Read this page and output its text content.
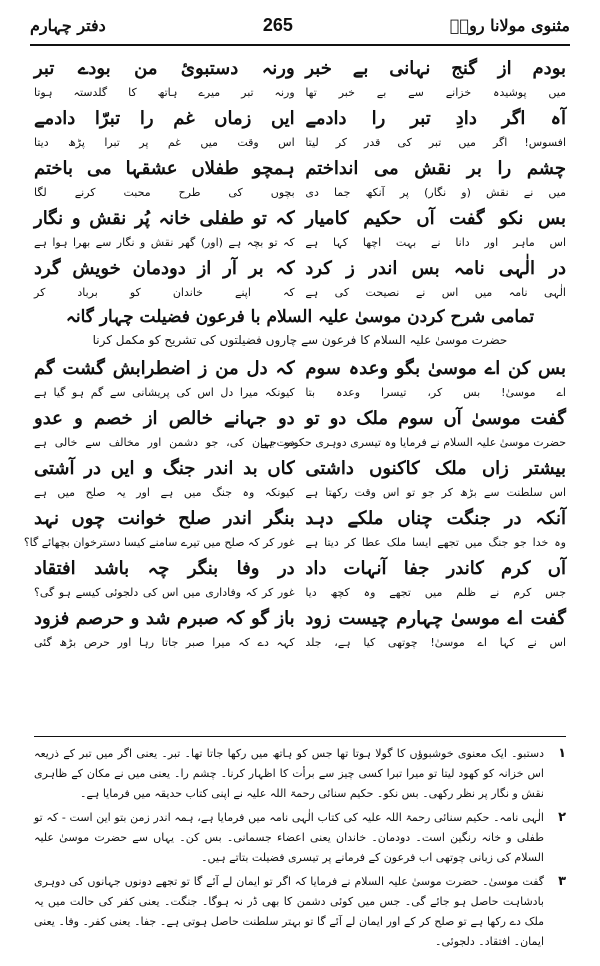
مثنوی مولانا رومؒ
265
دفتر چہارم
بودم از گنج نہانی بے خبر
ورنہ دستبوئ من بودے تبر
میں پوشیدہ خزانے سے بے خبر تھا
ورنہ تبر میرے ہاتھ کا گلدستہ ہوتا
آہ اگر دادِ تبر را دادمے
ایں زماں غم را تبرّا دادمے
افسوس! اگر میں تبر کی قدر کر لیتا
اس وقت میں غم پر تبرا پڑھ دیتا
چشم را بر نقش می انداختم
ہمچو طفلاں عشقہا می باختم
میں نے نقش (و نگار) پر آنکھ جما دی
بچوں کی طرح محبت کرنے لگا
بس نکو گفت آں حکیم کامیار
کہ تو طفلی خانہ پُر نقش و نگار
اس ماہر اور دانا نے بہت اچھا کہا ہے
کہ تو بچہ ہے (اور) گھر نقش و نگار سے بھرا ہوا ہے
در الٰہی نامہ بس اندر ز کرد
کہ بر آر از دودمان خویش گرد
الٰہی نامہ میں اس نے نصیحت کی ہے
کہ اپنے خاندان کو برباد کر
تمامی شرح کردن موسیٰ علیہ السلام با فرعون فضیلت چہار گانہ
حضرت موسیٰ علیہ السلام کا فرعون سے چاروں فضیلتوں کی تشریح کو مکمل کرنا
بس کن اے موسیٰ بگو وعدہ سوم
کہ دل من ز اضطرابش گشت گم
اے موسیٰ! بس کر، تیسرا وعدہ بتا
کیونکہ میرا دل اس کی پریشانی سے گم ہو گیا ہے
گفت موسیٰ آں سوم ملک دو تو
دو جہانے خالص از خصم و عدو
حضرت موسیٰ علیہ السلام نے فرمایا وہ تیسری دوہری حکومت ہے
دو جہان کی، جو دشمن اور مخالف سے خالی ہے
بیشتر زاں ملک کاکنوں داشتی
کاں بد اندر جنگ و ایں در آشتی
اس سلطنت سے بڑھ کر جو تو اس وقت رکھتا ہے
کیونکہ وہ جنگ میں ہے اور یہ صلح میں ہے
آنکہ در جنگت چناں ملکے دہد
بنگر اندر صلح خوانت چوں نہد
وہ خدا جو جنگ میں تجھے ایسا ملک عطا کر دیتا ہے
غور کر کہ صلح میں تیرے سامنے کیسا دسترخوان بچھائے گا؟
آں کرم کاندر جفا آنہات داد
در وفا بنگر چہ باشد افتقاد
جس کرم نے ظلم میں تجھے وہ کچھ دیا
غور کر کہ وفاداری میں اس کی دلجوئی کیسے ہو گی؟
گفت اے موسیٰ چہارم چیست زود
باز گو کہ صبرم شد و حرصم فزود
اس نے کہا اے موسیٰ! چوتھی کیا ہے، جلد
کہہ دے کہ میرا صبر جاتا رہا اور حرص بڑھ گئی
۱
دستبو۔ ایک معنوی خوشبوؤں کا گولا ہوتا تھا جس کو ہاتھ میں رکھا جاتا تھا۔ تبر۔ یعنی اگر میں تبر کے ذریعہ اس خزانہ کو کھود لیتا تو میرا تبرا کسی چیز سے برأت کا اظہار کرنا۔ چشم را۔ یعنی میں نے مکان کے ظاہری نقش و نگار پر نظر رکھی۔ بس نکو۔ حکیم سنائی رحمۃ اللہ علیہ نے اپنی کتاب حدیقہ میں فرمایا ہے۔
۲
الٰہی نامہ۔ حکیم سنائی رحمۃ اللہ علیہ کی کتاب الٰہی نامہ میں فرمایا ہے، ہمہ اندر زمن بتو این است - کہ تو طفلی و خانہ رنگین است۔ دودمان۔ خاندان یعنی اعضاء جسمانی۔ بس کن۔ یہاں سے حضرت موسیٰ علیہ السلام کی زبانی چوتھی اب فرعون کے فرمانے پر تیسری فضیلت بتاتے ہیں۔
۳
گفت موسیٰ۔ حضرت موسیٰ علیہ السلام نے فرمایا کہ اگر تو ایمان لے آئے گا تو تجھے دونوں جہانوں کی دوہری بادشاہت حاصل ہو جائے گی۔ جس میں کوئی دشمن کا بھی ڈر نہ ہوگا۔ جنگت۔ یعنی کفر کی حالت میں یہ ملک دے رکھا ہے تو صلح کر کے اور ایمان لے آئے گا تو بہتر سلطنت حاصل ہوتی ہے۔ جفا۔ یعنی کفر۔ وفا۔ یعنی ایمان۔ افتقاد۔ دلجوئی۔
